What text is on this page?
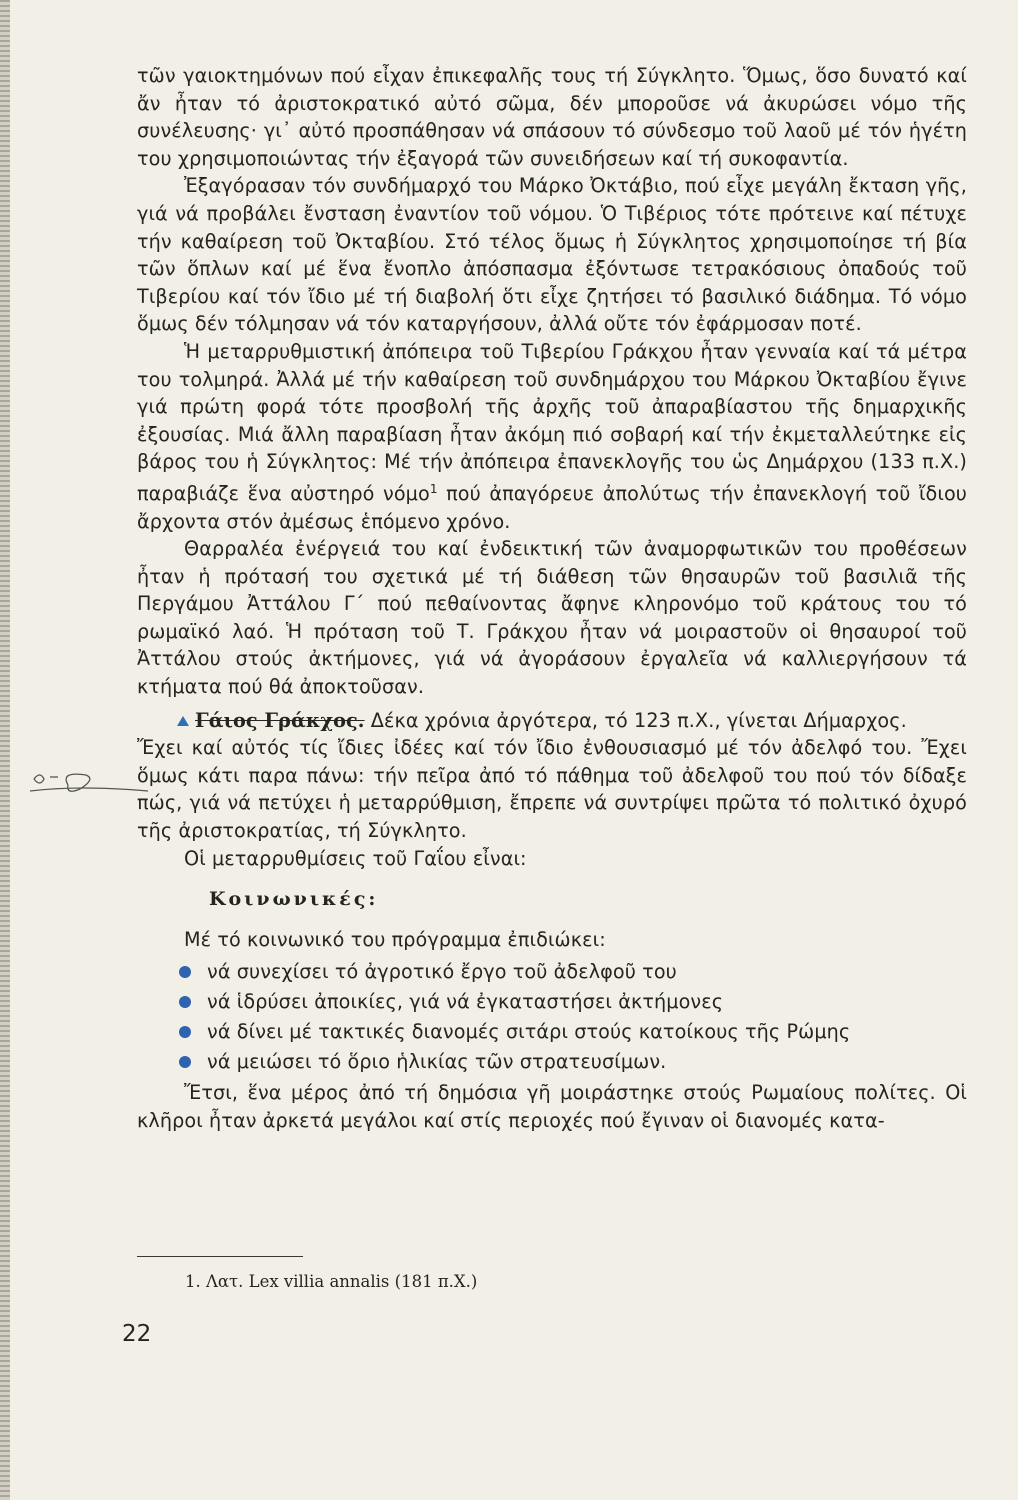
τῶν γαιοκτημόνων πού εἶχαν ἐπικεφαλῆς τους τή Σύγκλητο. Ὅμως, ὅσο δυνατό καί ἄν ἦταν τό ἀριστοκρατικό αὐτό σῶμα, δέν μποροῦσε νά ἀκυρώσει νόμο τῆς συνέλευσης· γι᾿ αὐτό προσπάθησαν νά σπάσουν τό σύνδεσμο τοῦ λαοῦ μέ τόν ἡγέτη του χρησιμοποιώντας τήν ἐξαγορά τῶν συνειδήσεων καί τή συκοφαντία.

Ἐξαγόρασαν τόν συνδήμαρχό του Μάρκο Ὀκτάβιο, πού εἶχε μεγάλη ἔκταση γῆς, γιά νά προβάλει ἔνσταση ἐναντίον τοῦ νόμου. Ὁ Τιβέριος τότε πρότεινε καί πέτυχε τήν καθαίρεση τοῦ Ὀκταβίου. Στό τέλος ὅμως ἡ Σύγκλητος χρησιμοποίησε τή βία τῶν ὅπλων καί μέ ἕνα ἔνοπλο ἀπόσπασμα ἐξόντωσε τετρακόσιους ὀπαδούς τοῦ Τιβερίου καί τόν ἴδιο μέ τή διαβολή ὅτι εἶχε ζητήσει τό βασιλικό διάδημα. Τό νόμο ὅμως δέν τόλμησαν νά τόν καταργήσουν, ἀλλά οὔτε τόν ἐφάρμοσαν ποτέ.

Ἡ μεταρρυθμιστική ἀπόπειρα τοῦ Τιβερίου Γράκχου ἦταν γενναία καί τά μέτρα του τολμηρά. Ἀλλά μέ τήν καθαίρεση τοῦ συνδημάρχου του Μάρκου Ὀκταβίου ἔγινε γιά πρώτη φορά τότε προσβολή τῆς ἀρχῆς τοῦ ἀπαραβίαστου τῆς δημαρχικῆς ἐξουσίας. Μιά ἄλλη παραβίαση ἦταν ἀκόμη πιό σοβαρή καί τήν ἐκμεταλλεύτηκε εἰς βάρος του ἡ Σύγκλητος: Μέ τήν ἀπόπειρα ἐπανεκλογῆς του ὡς Δημάρχου (133 π.Χ.) παραβιάζε ἕνα αὐστηρό νόμο$^1$ πού ἀπαγόρευε ἀπολύτως τήν ἐπανεκλογή τοῦ ἴδιου ἄρχοντα στόν ἀμέσως ἑπόμενο χρόνο.

Θαρραλέα ἐνέργειά του καί ἐνδεικτική τῶν ἀναμορφωτικῶν του προθέσεων ἦταν ἡ πρότασή του σχετικά μέ τή διάθεση τῶν θησαυρῶν τοῦ βασιλιᾶ τῆς Περγάμου Ἀττάλου Γ΄ πού πεθαίνοντας ἄφηνε κληρονόμο τοῦ κράτους του τό ρωμαϊκό λαό. Ἡ πρόταση τοῦ Τ. Γράκχου ἦταν νά μοιραστοῦν οἱ θησαυροί τοῦ Ἀττάλου στούς ἀκτήμονες, γιά νά ἀγοράσουν ἐργαλεῖα νά καλλιεργήσουν τά κτήματα πού θά ἀποκτοῦσαν.

Γάιος Γράκχος. Δέκα χρόνια ἀργότερα, τό 123 π.Χ., γίνεται Δήμαρχος.

Ἔχει καί αὐτός τίς ἴδιες ἰδέες καί τόν ἴδιο ἐνθουσιασμό μέ τόν ἀδελφό του. Ἔχει ὅμως κάτι παρα πάνω: τήν πεῖρα ἀπό τό πάθημα τοῦ ἀδελφοῦ του πού τόν δίδαξε πώς, γιά νά πετύχει ἡ μεταρρύθμιση, ἔπρεπε νά συντρίψει πρῶτα τό πολιτικό ὀχυρό τῆς ἀριστοκρατίας, τή Σύγκλητο.

Οἱ μεταρρυθμίσεις τοῦ Γαΐου εἶναι:

Κοινωνικές:

Μέ τό κοινωνικό του πρόγραμμα ἐπιδιώκει:

νά συνεχίσει τό ἀγροτικό ἔργο τοῦ ἀδελφοῦ του
νά ἱδρύσει ἀποικίες, γιά νά ἐγκαταστήσει ἀκτήμονες
νά δίνει μέ τακτικές διανομές σιτάρι στούς κατοίκους τῆς Ρώμης
νά μειώσει τό ὅριο ἡλικίας τῶν στρατευσίμων.

Ἔτσι, ἕνα μέρος ἀπό τή δημόσια γῆ μοιράστηκε στούς Ρωμαίους πολίτες. Οἱ κλῆροι ἦταν ἀρκετά μεγάλοι καί στίς περιοχές πού ἔγιναν οἱ διανομές κατα-

1. Λατ. Lex villia annalis (181 π.Χ.)
22
